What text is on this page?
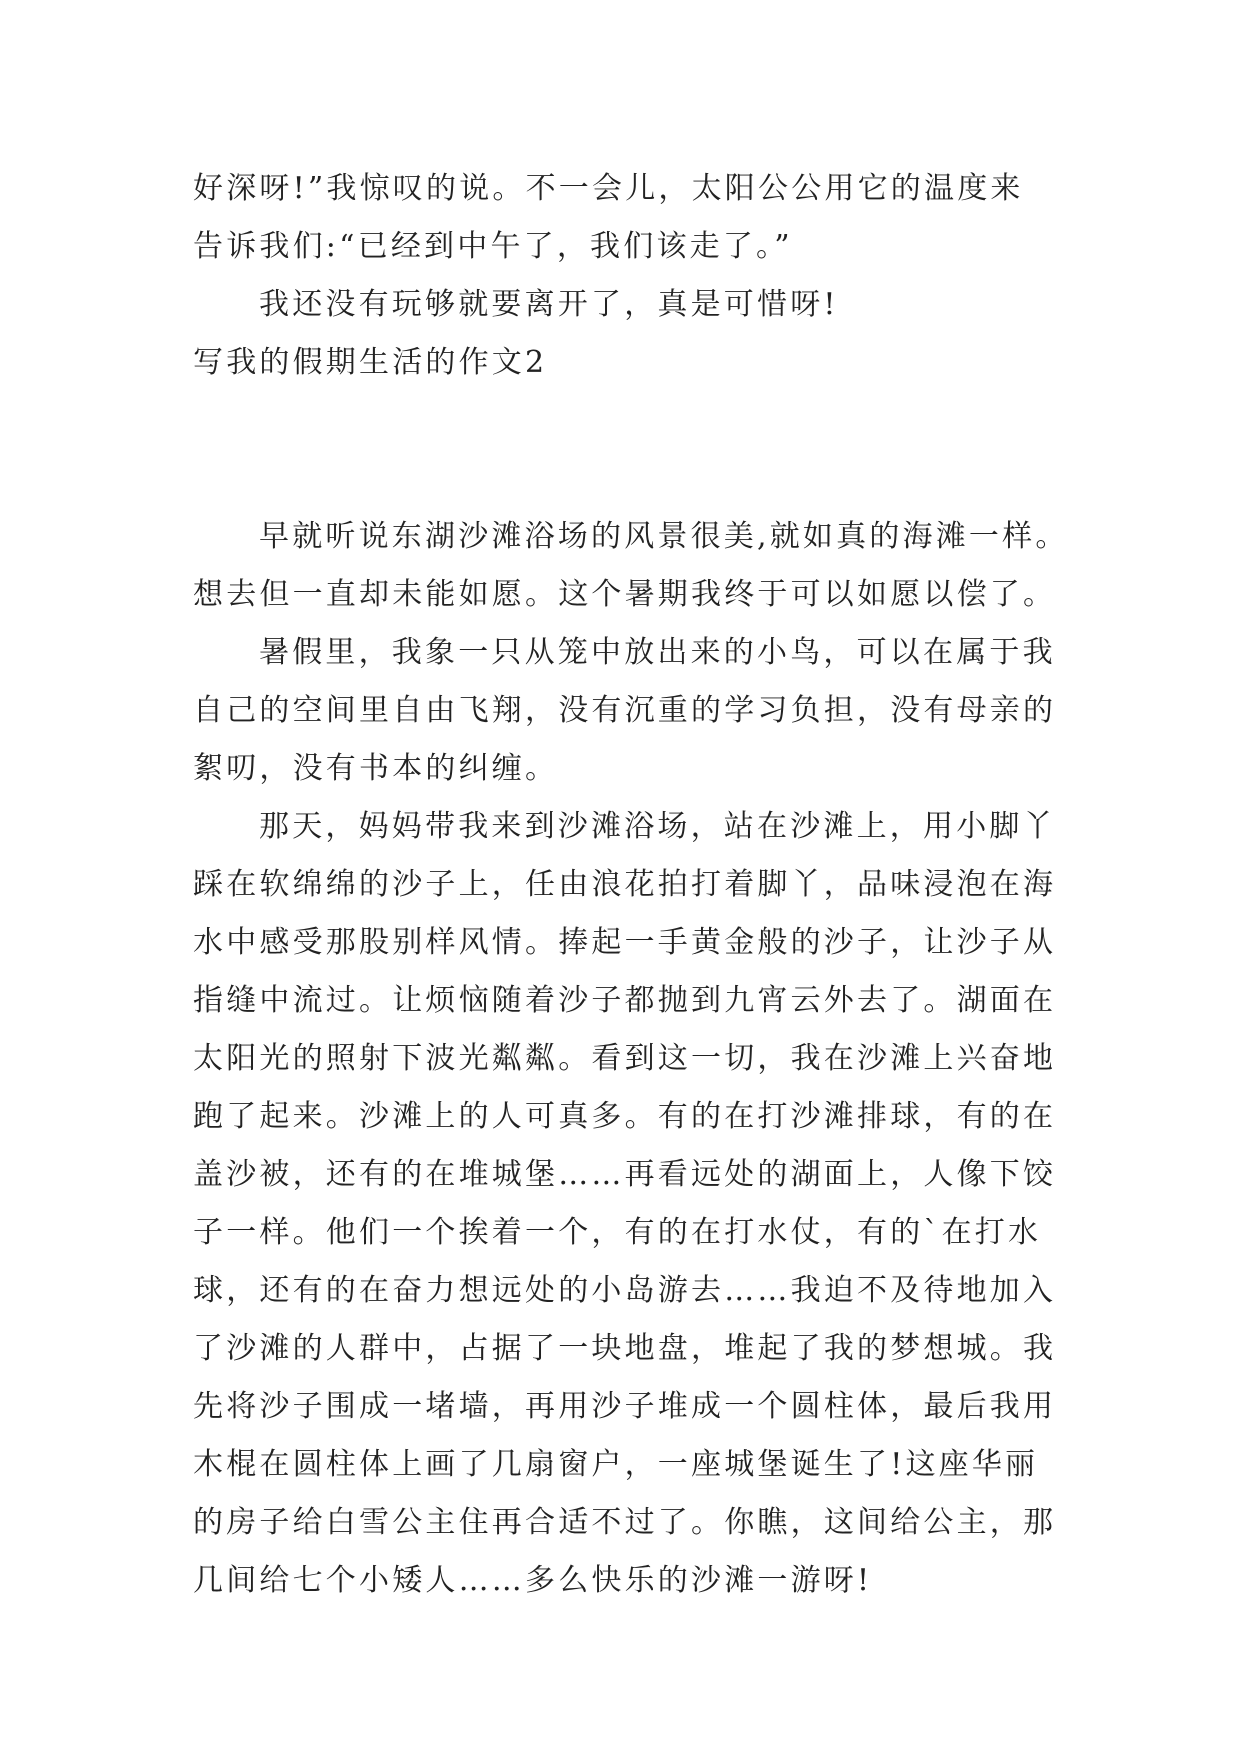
好深呀!”我惊叹的说。不一会儿，太阳公公用它的温度来
告诉我们:“已经到中午了，我们该走了。”
我还没有玩够就要离开了，真是可惜呀!
写我的假期生活的作文2
早就听说东湖沙滩浴场的风景很美,就如真的海滩一样。
想去但一直却未能如愿。这个暑期我终于可以如愿以偿了。
暑假里，我象一只从笼中放出来的小鸟，可以在属于我
自己的空间里自由飞翔，没有沉重的学习负担，没有母亲的
絮叨，没有书本的纠缠。
那天，妈妈带我来到沙滩浴场，站在沙滩上，用小脚丫
踩在软绵绵的沙子上，任由浪花拍打着脚丫，品味浸泡在海
水中感受那股别样风情。捧起一手黄金般的沙子，让沙子从
指缝中流过。让烦恼随着沙子都抛到九宵云外去了。湖面在
太阳光的照射下波光粼粼。看到这一切，我在沙滩上兴奋地
跑了起来。沙滩上的人可真多。有的在打沙滩排球，有的在
盖沙被，还有的在堆城堡……再看远处的湖面上，人像下饺
子一样。他们一个挨着一个，有的在打水仗，有的`在打水
球，还有的在奋力想远处的小岛游去……我迫不及待地加入
了沙滩的人群中，占据了一块地盘，堆起了我的梦想城。我
先将沙子围成一堵墙，再用沙子堆成一个圆柱体，最后我用
木棍在圆柱体上画了几扇窗户，一座城堡诞生了!这座华丽
的房子给白雪公主住再合适不过了。你瞧，这间给公主，那
几间给七个小矮人……多么快乐的沙滩一游呀!
